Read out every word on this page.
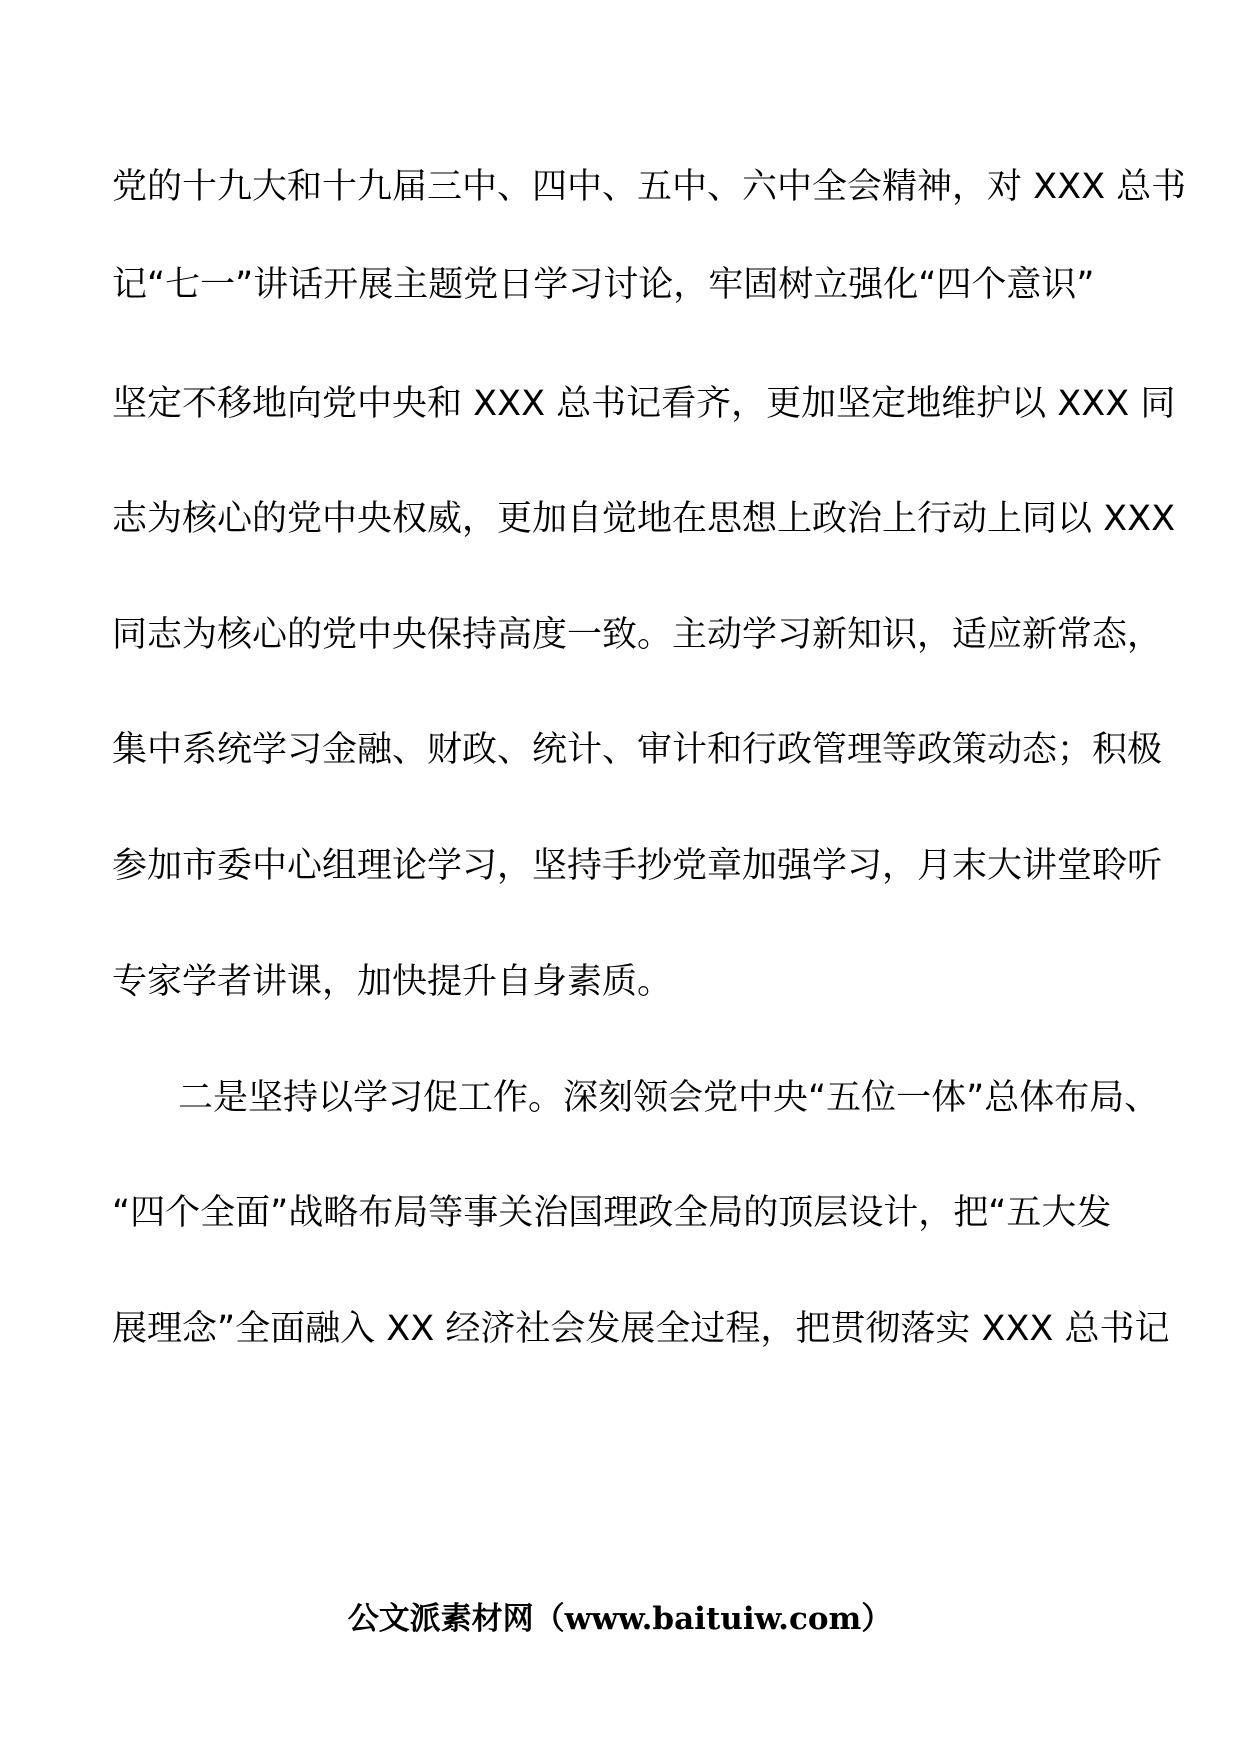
党的十九大和十九届三中、四中、五中、六中全会精神，对 XXX 总书
记“七一”讲话开展主题党日学习讨论，牢固树立强化“四个意识”
坚定不移地向党中央和 XXX 总书记看齐，更加坚定地维护以 XXX 同
志为核心的党中央权威，更加自觉地在思想上政治上行动上同以 XXX
同志为核心的党中央保持高度一致。主动学习新知识，适应新常态，
集中系统学习金融、财政、统计、审计和行政管理等政策动态；积极
参加市委中心组理论学习，坚持手抄党章加强学习，月末大讲堂聆听
专家学者讲课，加快提升自身素质。
二是坚持以学习促工作。深刻领会党中央“五位一体”总体布局、
“四个全面”战略布局等事关治国理政全局的顶层设计，把“五大发
展理念”全面融入 XX 经济社会发展全过程，把贯彻落实 XXX 总书记
公文派素材网（www.baituiw.com）
